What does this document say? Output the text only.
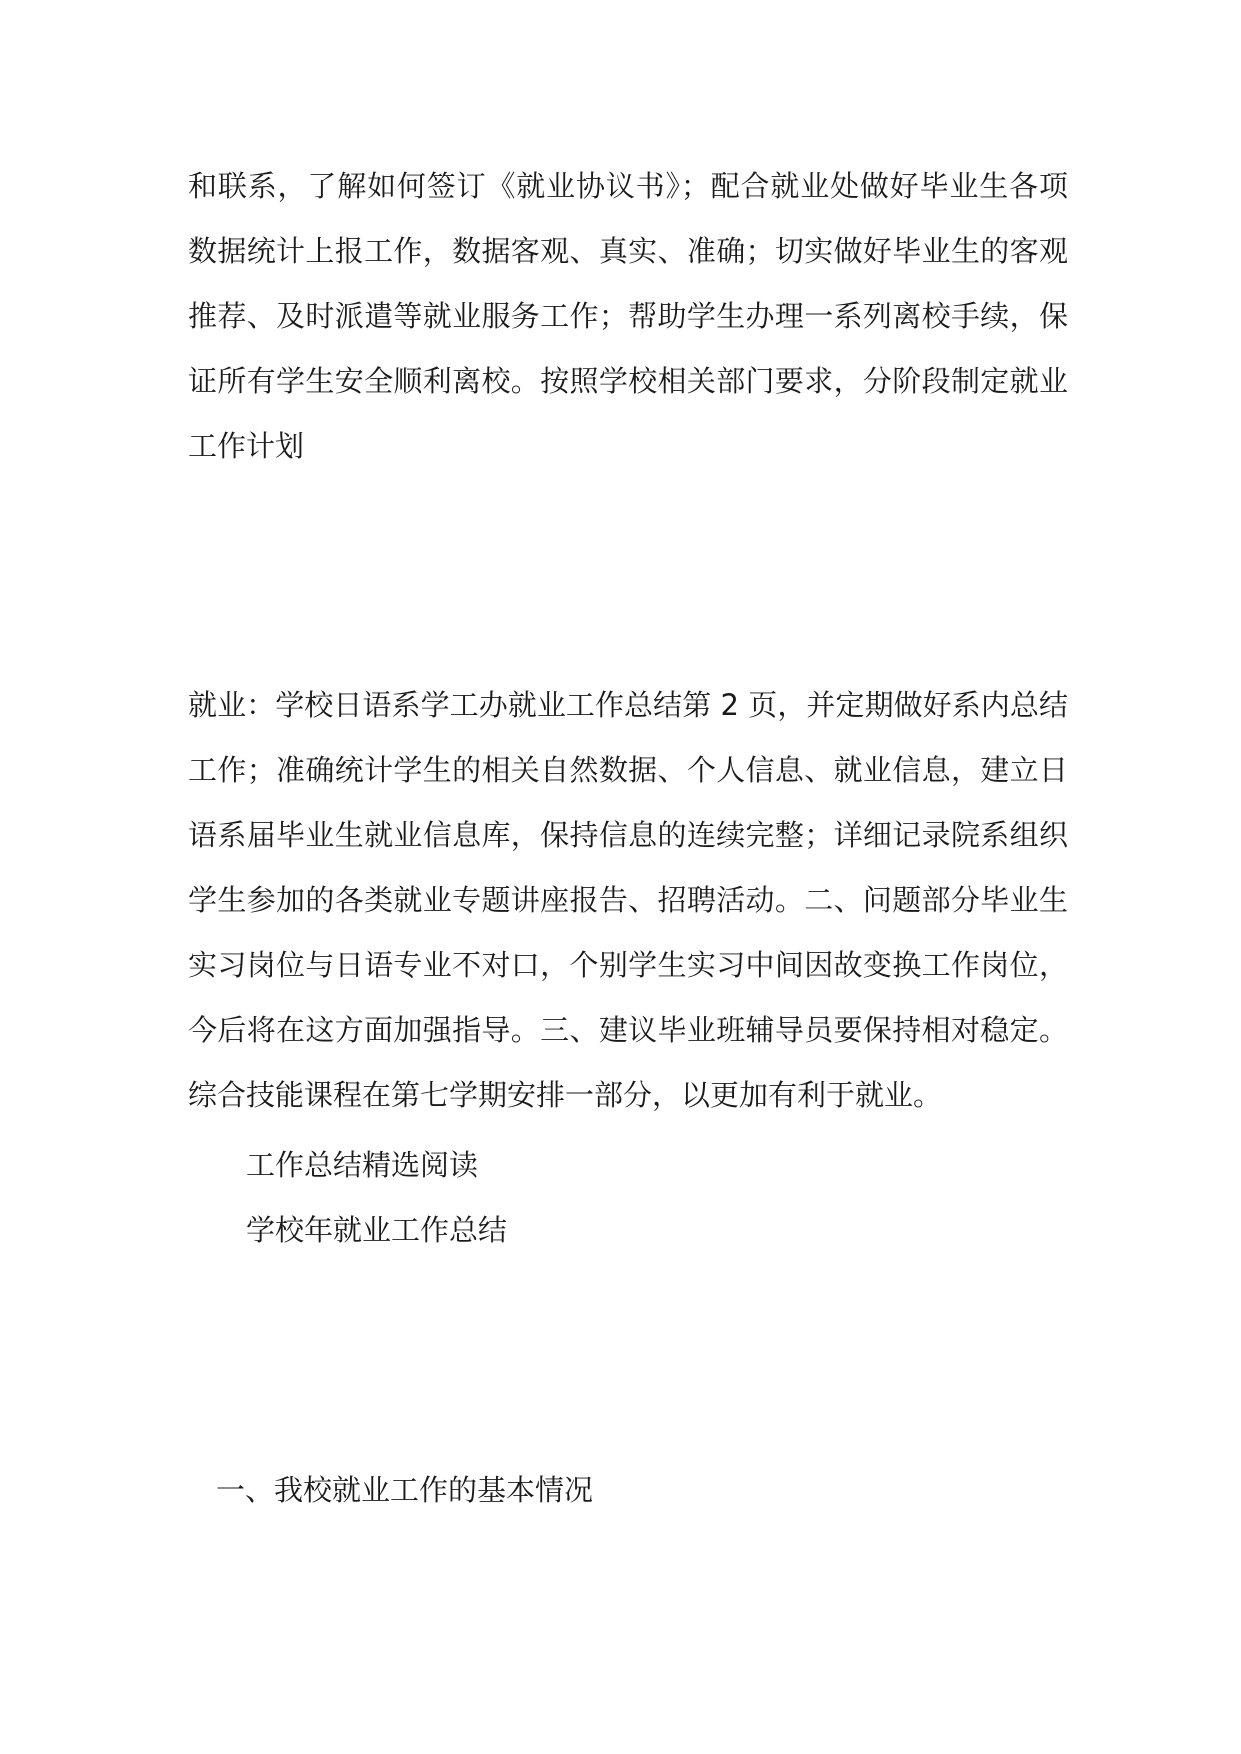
和联系，了解如何签订《就业协议书》；配合就业处做好毕业生各项数据统计上报工作，数据客观、真实、准确；切实做好毕业生的客观推荐、及时派遣等就业服务工作；帮助学生办理一系列离校手续，保证所有学生安全顺利离校。按照学校相关部门要求，分阶段制定就业工作计划

就业：学校日语系学工办就业工作总结第 2 页，并定期做好系内总结工作；准确统计学生的相关自然数据、个人信息、就业信息，建立日语系届毕业生就业信息库，保持信息的连续完整；详细记录院系组织学生参加的各类就业专题讲座报告、招聘活动。二、问题部分毕业生实习岗位与日语专业不对口，个别学生实习中间因故变换工作岗位，今后将在这方面加强指导。三、建议毕业班辅导员要保持相对稳定。综合技能课程在第七学期安排一部分，以更加有利于就业。

工作总结精选阅读

学校年就业工作总结

一、我校就业工作的基本情况
